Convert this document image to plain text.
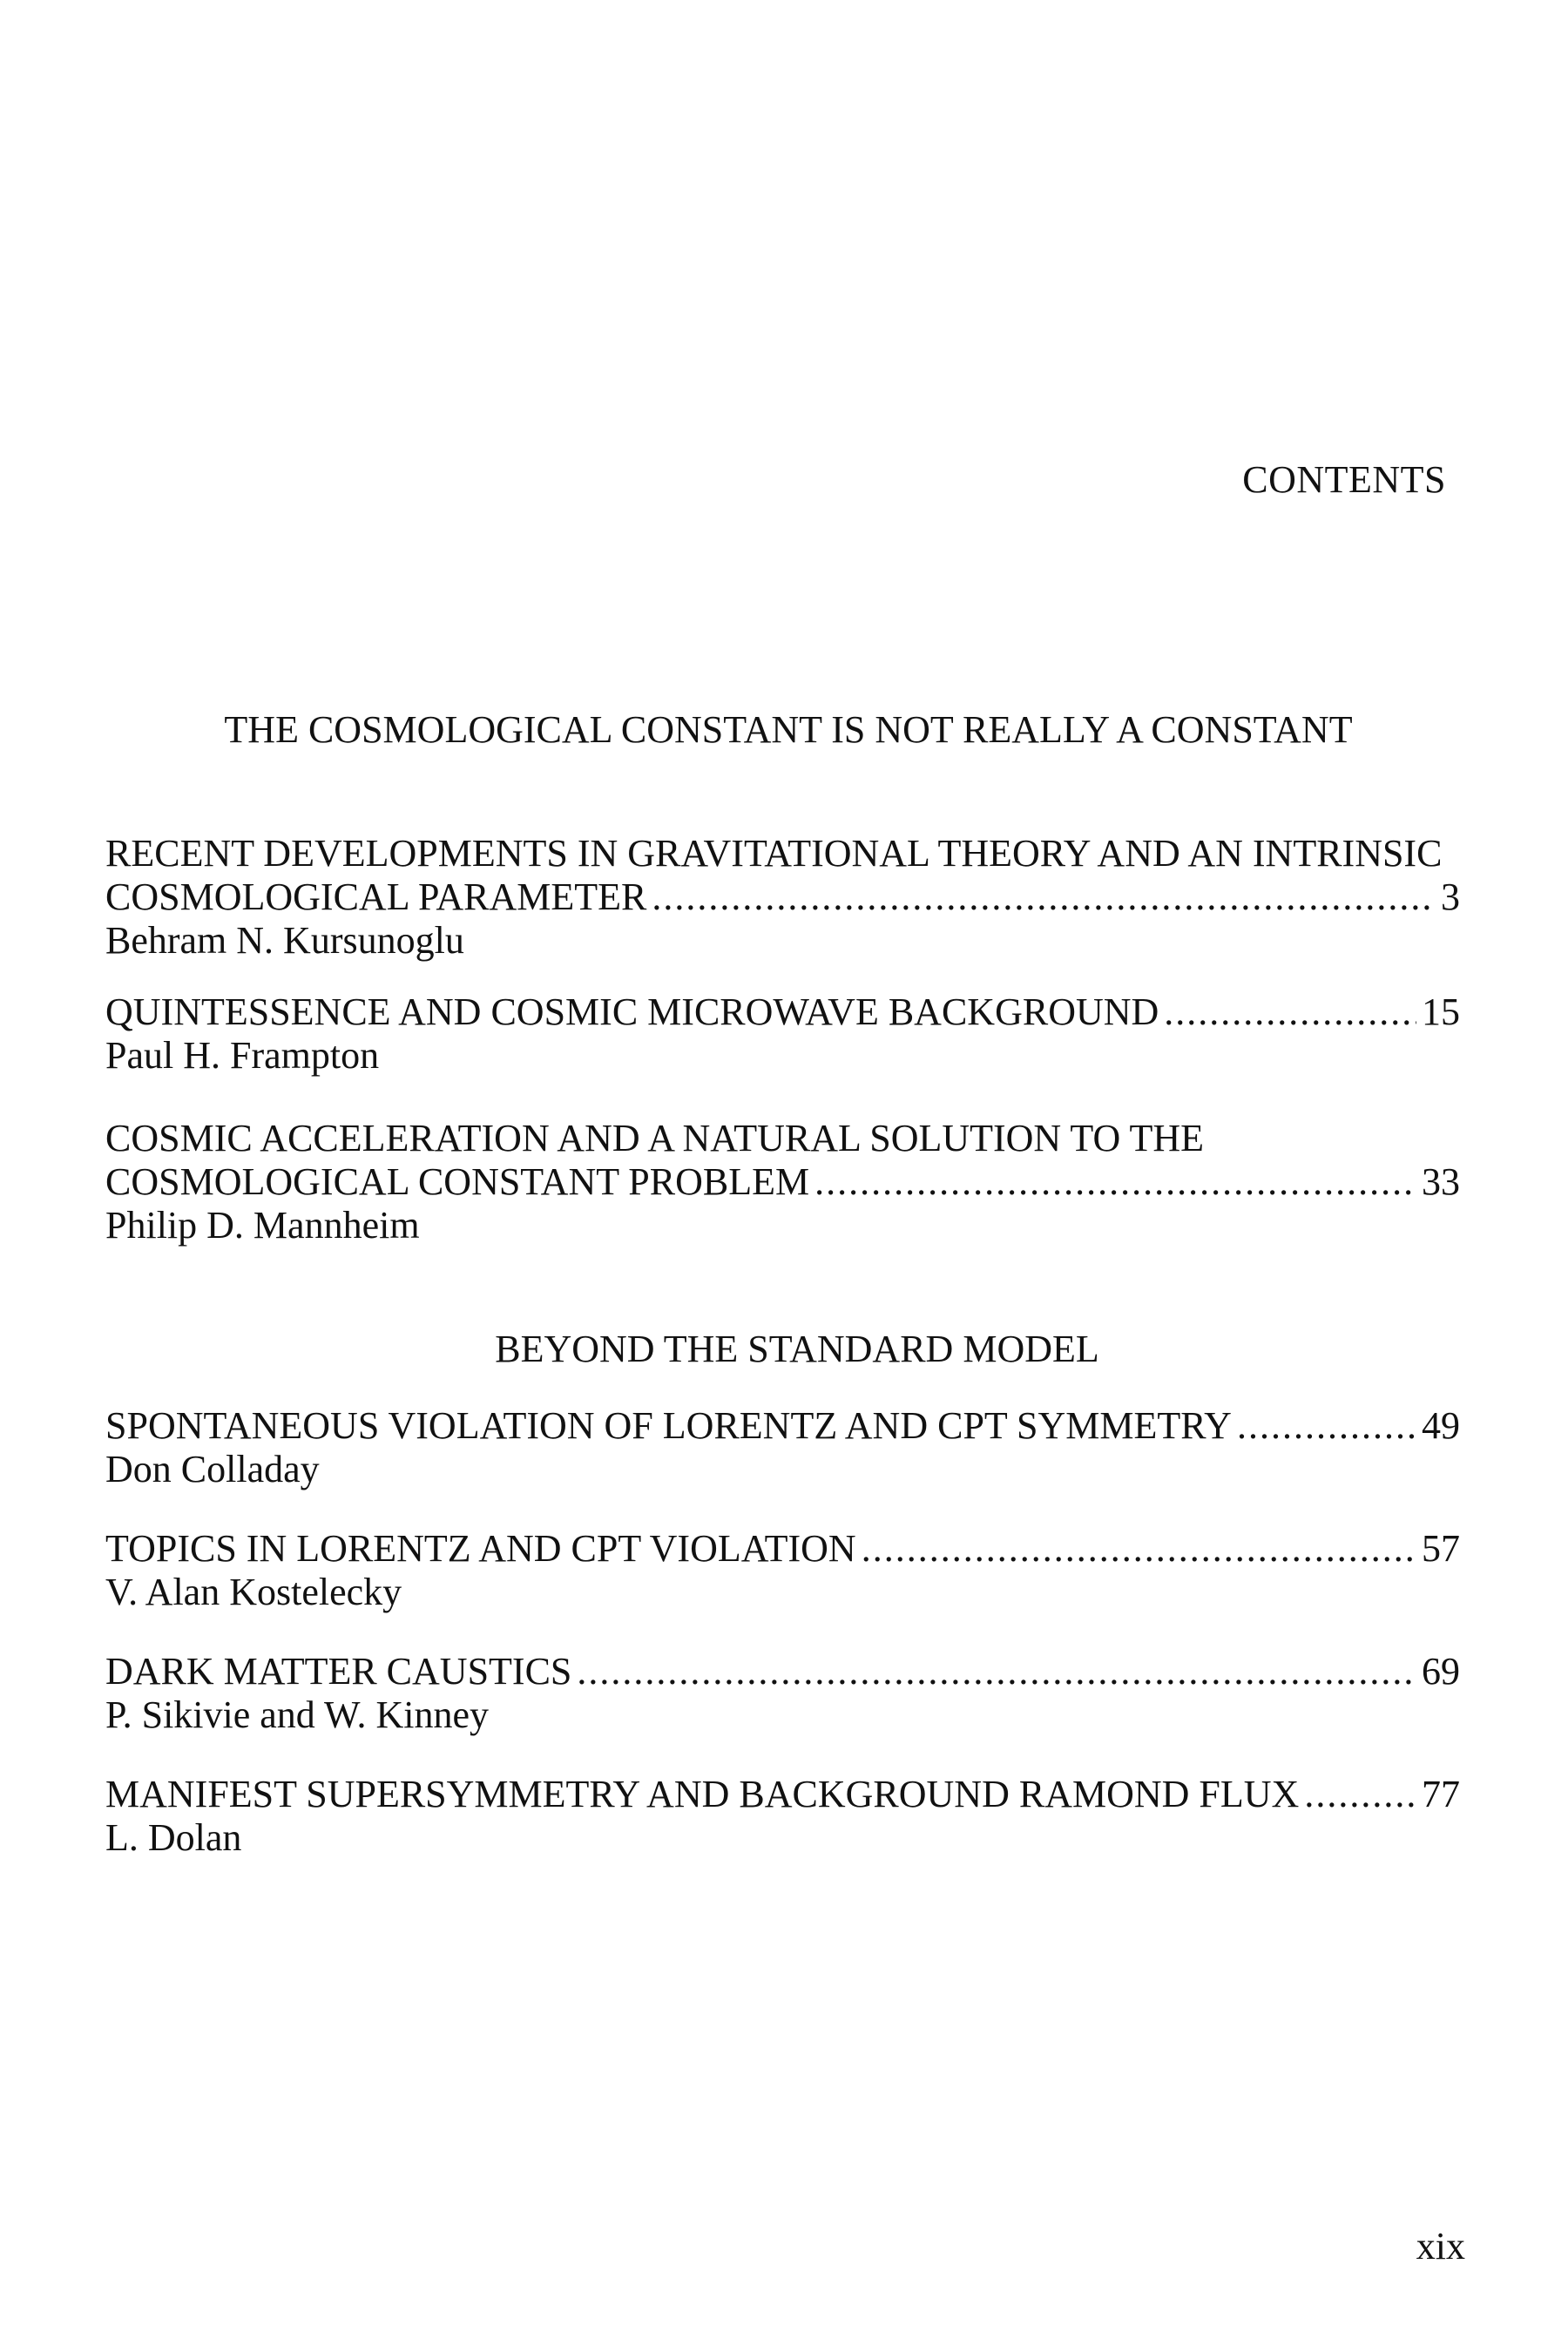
CONTENTS
THE COSMOLOGICAL CONSTANT IS NOT REALLY A CONSTANT
RECENT DEVELOPMENTS IN GRAVITATIONAL THEORY AND AN INTRINSIC
COSMOLOGICAL PARAMETER .....	3
Behram N. Kursunoglu
QUINTESSENCE AND COSMIC MICROWAVE BACKGROUND .....	15
Paul H. Frampton
COSMIC ACCELERATION AND A NATURAL SOLUTION TO THE
COSMOLOGICAL CONSTANT PROBLEM .....	33
Philip D. Mannheim
BEYOND THE STANDARD MODEL
SPONTANEOUS VIOLATION OF LORENTZ AND CPT SYMMETRY .....	49
Don Colladay
TOPICS IN LORENTZ AND CPT VIOLATION .....	57
V. Alan Kostelecky
DARK MATTER CAUSTICS .....	69
P. Sikivie and W. Kinney
MANIFEST SUPERSYMMETRY AND BACKGROUND RAMOND FLUX .....	77
L. Dolan
xix
